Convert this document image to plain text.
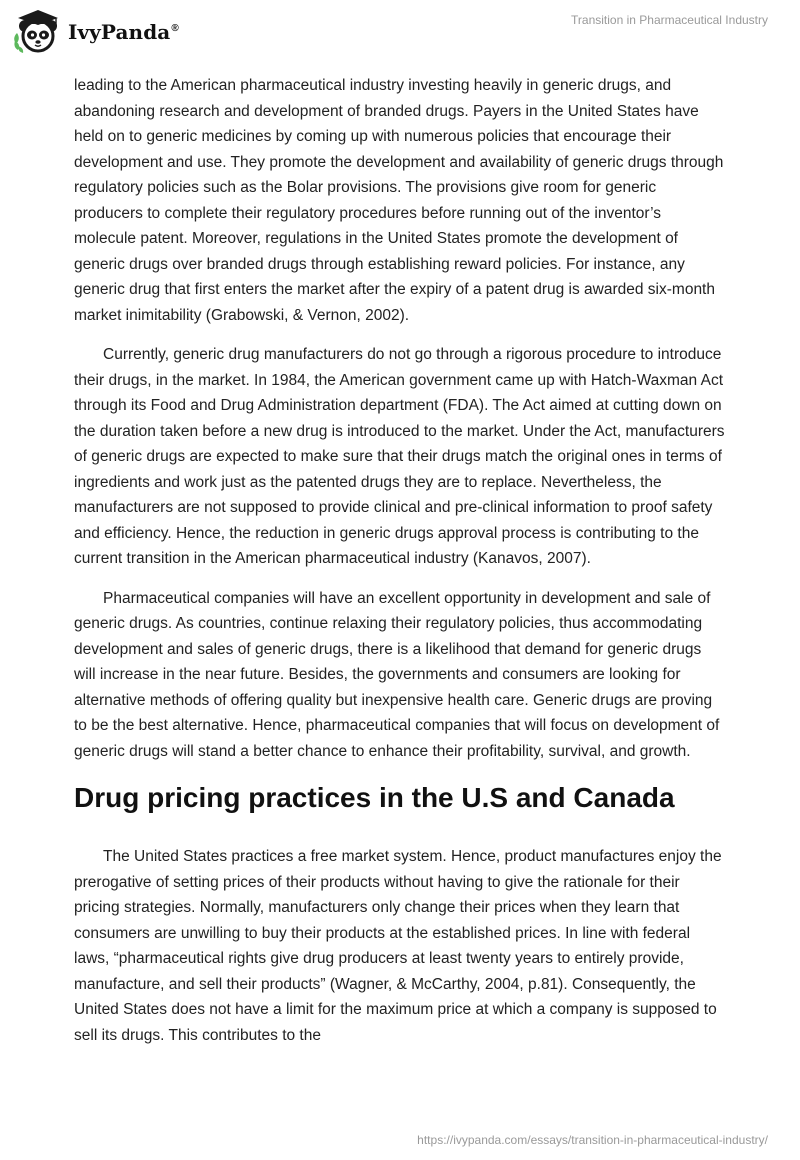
IvyPanda®
Transition in Pharmaceutical Industry

leading to the American pharmaceutical industry investing heavily in generic drugs, and abandoning research and development of branded drugs. Payers in the United States have held on to generic medicines by coming up with numerous policies that encourage their development and use. They promote the development and availability of generic drugs through regulatory policies such as the Bolar provisions. The provisions give room for generic producers to complete their regulatory procedures before running out of the inventor’s molecule patent. Moreover, regulations in the United States promote the development of generic drugs over branded drugs through establishing reward policies. For instance, any generic drug that first enters the market after the expiry of a patent drug is awarded six-month market inimitability (Grabowski, & Vernon, 2002).

Currently, generic drug manufacturers do not go through a rigorous procedure to introduce their drugs, in the market. In 1984, the American government came up with Hatch-Waxman Act through its Food and Drug Administration department (FDA). The Act aimed at cutting down on the duration taken before a new drug is introduced to the market. Under the Act, manufacturers of generic drugs are expected to make sure that their drugs match the original ones in terms of ingredients and work just as the patented drugs they are to replace. Nevertheless, the manufacturers are not supposed to provide clinical and pre-clinical information to proof safety and efficiency. Hence, the reduction in generic drugs approval process is contributing to the current transition in the American pharmaceutical industry (Kanavos, 2007).

Pharmaceutical companies will have an excellent opportunity in development and sale of generic drugs. As countries, continue relaxing their regulatory policies, thus accommodating development and sales of generic drugs, there is a likelihood that demand for generic drugs will increase in the near future. Besides, the governments and consumers are looking for alternative methods of offering quality but inexpensive health care. Generic drugs are proving to be the best alternative. Hence, pharmaceutical companies that will focus on development of generic drugs will stand a better chance to enhance their profitability, survival, and growth.

Drug pricing practices in the U.S and Canada

The United States practices a free market system. Hence, product manufactures enjoy the prerogative of setting prices of their products without having to give the rationale for their pricing strategies. Normally, manufacturers only change their prices when they learn that consumers are unwilling to buy their products at the established prices. In line with federal laws, “pharmaceutical rights give drug producers at least twenty years to entirely provide, manufacture, and sell their products” (Wagner, & McCarthy, 2004, p.81). Consequently, the United States does not have a limit for the maximum price at which a company is supposed to sell its drugs. This contributes to the

https://ivypanda.com/essays/transition-in-pharmaceutical-industry/
